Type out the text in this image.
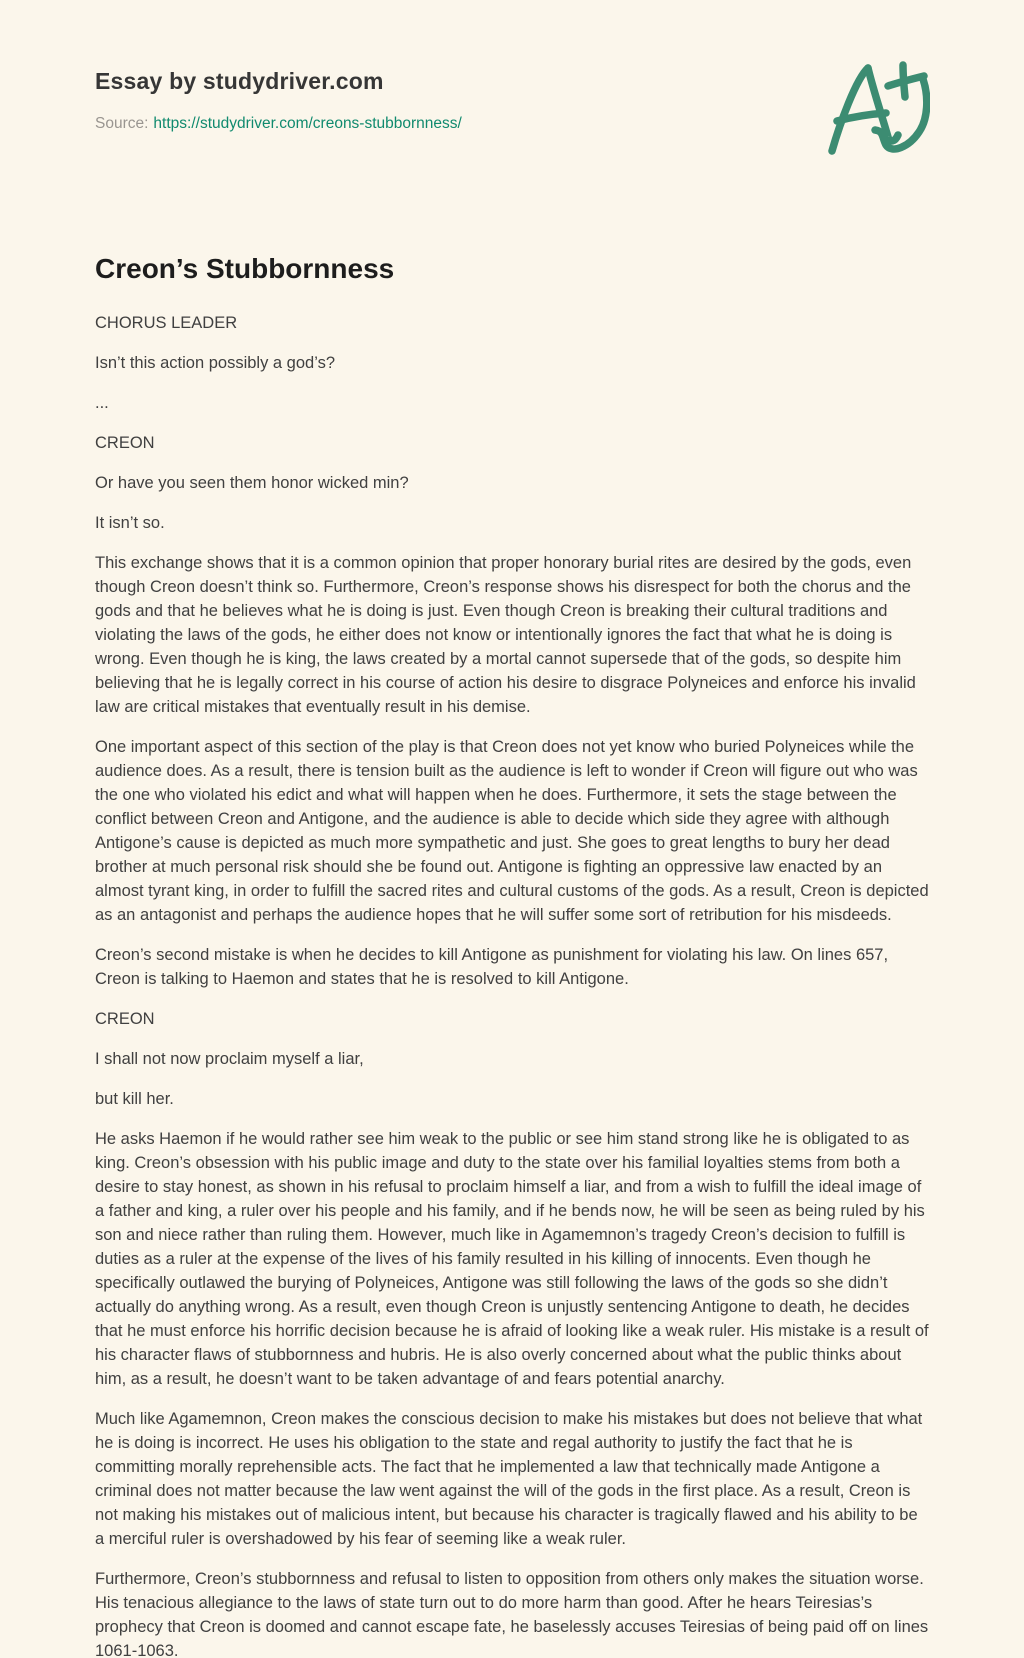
Essay by studydriver.com

Source: https://studydriver.com/creons-stubbornness/

Creon’s Stubbornness

CHORUS LEADER

Isn’t this action possibly a god’s?

...

CREON

Or have you seen them honor wicked min?

It isn’t so.

This exchange shows that it is a common opinion that proper honorary burial rites are desired by the gods, even though Creon doesn’t think so. Furthermore, Creon’s response shows his disrespect for both the chorus and the gods and that he believes what he is doing is just. Even though Creon is breaking their cultural traditions and violating the laws of the gods, he either does not know or intentionally ignores the fact that what he is doing is wrong. Even though he is king, the laws created by a mortal cannot supersede that of the gods, so despite him believing that he is legally correct in his course of action his desire to disgrace Polyneices and enforce his invalid law are critical mistakes that eventually result in his demise.

One important aspect of this section of the play is that Creon does not yet know who buried Polyneices while the audience does. As a result, there is tension built as the audience is left to wonder if Creon will figure out who was the one who violated his edict and what will happen when he does. Furthermore, it sets the stage between the conflict between Creon and Antigone, and the audience is able to decide which side they agree with although Antigone’s cause is depicted as much more sympathetic and just. She goes to great lengths to bury her dead brother at much personal risk should she be found out. Antigone is fighting an oppressive law enacted by an almost tyrant king, in order to fulfill the sacred rites and cultural customs of the gods. As a result, Creon is depicted as an antagonist and perhaps the audience hopes that he will suffer some sort of retribution for his misdeeds.

Creon’s second mistake is when he decides to kill Antigone as punishment for violating his law. On lines 657, Creon is talking to Haemon and states that he is resolved to kill Antigone.

CREON

I shall not now proclaim myself a liar,

but kill her.

He asks Haemon if he would rather see him weak to the public or see him stand strong like he is obligated to as king. Creon’s obsession with his public image and duty to the state over his familial loyalties stems from both a desire to stay honest, as shown in his refusal to proclaim himself a liar, and from a wish to fulfill the ideal image of a father and king, a ruler over his people and his family, and if he bends now, he will be seen as being ruled by his son and niece rather than ruling them. However, much like in Agamemnon’s tragedy Creon’s decision to fulfill is duties as a ruler at the expense of the lives of his family resulted in his killing of innocents. Even though he specifically outlawed the burying of Polyneices, Antigone was still following the laws of the gods so she didn’t actually do anything wrong. As a result, even though Creon is unjustly sentencing Antigone to death, he decides that he must enforce his horrific decision because he is afraid of looking like a weak ruler. His mistake is a result of his character flaws of stubbornness and hubris. He is also overly concerned about what the public thinks about him, as a result, he doesn’t want to be taken advantage of and fears potential anarchy.

Much like Agamemnon, Creon makes the conscious decision to make his mistakes but does not believe that what he is doing is incorrect. He uses his obligation to the state and regal authority to justify the fact that he is committing morally reprehensible acts. The fact that he implemented a law that technically made Antigone a criminal does not matter because the law went against the will of the gods in the first place. As a result, Creon is not making his mistakes out of malicious intent, but because his character is tragically flawed and his ability to be a merciful ruler is overshadowed by his fear of seeming like a weak ruler.

Furthermore, Creon’s stubbornness and refusal to listen to opposition from others only makes the situation worse. His tenacious allegiance to the laws of state turn out to do more harm than good. After he hears Teiresias’s prophecy that Creon is doomed and cannot escape fate, he baselessly accuses Teiresias of being paid off on lines 1061-1063.
